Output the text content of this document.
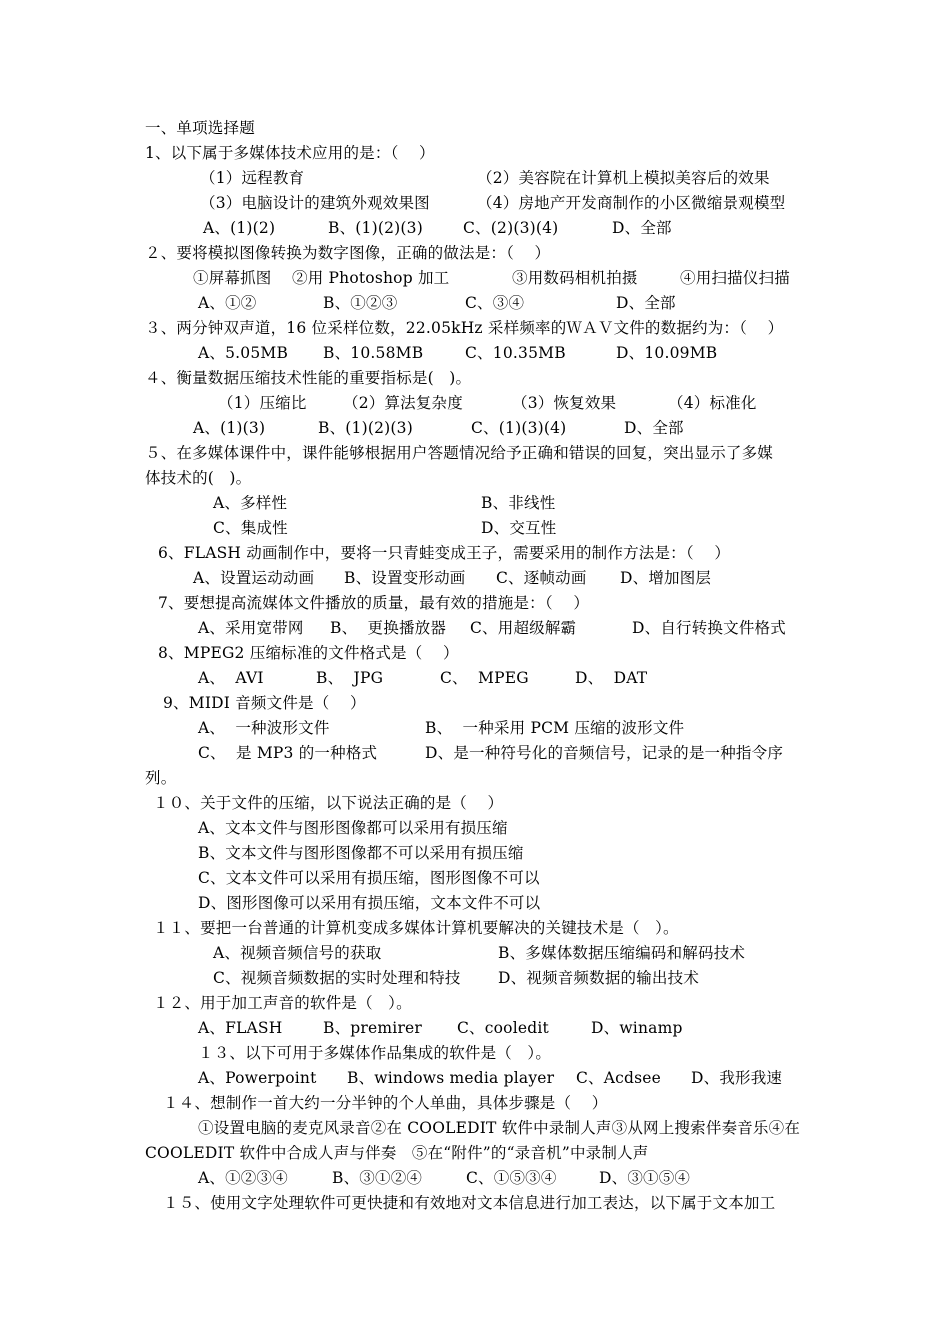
一、单项选择题
1、以下属于多媒体技术应用的是：（    ）
（1）远程教育	（2）美容院在计算机上模拟美容后的效果
（3）电脑设计的建筑外观效果图	（4）房地产开发商制作的小区微缩景观模型
A、(1)(2)	B、(1)(2)(3)	C、(2)(3)(4)	D、全部
２、要将模拟图像转换为数字图像，正确的做法是：（    ）
①屏幕抓图    ②用 Photoshop 加工	③用数码相机拍摄	④用扫描仪扫描
A、①②	B、①②③	C、③④	D、全部
３、两分钟双声道，16 位采样位数，22.05kHz 采样频率的ＷＡＶ文件的数据约为：（    ）
A、5.05MB B、10.58MB	C、10.35MB	D、10.09MB
４、衡量数据压缩技术性能的重要指标是(   )。
（1）压缩比 （2）算法复杂度	（3）恢复效果	（4）标准化
A、(1)(3)	B、(1)(2)(3)	C、(1)(3)(4)	D、全部
５、在多媒体课件中，课件能够根据用户答题情况给予正确和错误的回复，突出显示了多媒
体技术的(   )。
A、多样性	B、非线性
C、集成性	D、交互性
6、FLASH 动画制作中，要将一只青蛙变成王子，需要采用的制作方法是：（    ）
A、设置运动动画 B、设置变形动画 C、逐帧动画 D、增加图层
7、要想提高流媒体文件播放的质量，最有效的措施是：（    ）
A、采用宽带网 B、  更换播放器 C、用超级解霸	D、自行转换文件格式
8、MPEG2 压缩标准的文件格式是（    ）
A、  AVI	B、  JPG	C、  MPEG	D、  DAT
9、MIDI 音频文件是（    ）
A、  一种波形文件	B、  一种采用 PCM 压缩的波形文件
C、  是 MP3 的一种格式	D、是一种符号化的音频信号，记录的是一种指令序
列。
１０、关于文件的压缩，以下说法正确的是（    ）
A、文本文件与图形图像都可以采用有损压缩
B、文本文件与图形图像都不可以采用有损压缩
C、文本文件可以采用有损压缩，图形图像不可以
D、图形图像可以采用有损压缩，文本文件不可以
１１、要把一台普通的计算机变成多媒体计算机要解决的关键技术是（   ）。
A、视频音频信号的获取	B、多媒体数据压缩编码和解码技术
C、视频音频数据的实时处理和特技 D、视频音频数据的输出技术
１２、用于加工声音的软件是（   ）。
A、FLASH	B、premirer C、cooledit	D、winamp
１３、以下可用于多媒体作品集成的软件是（   ）。
A、Powerpoint B、windows media player C、Acdsee D、我形我速
１４、想制作一首大约一分半钟的个人单曲，具体步骤是（    ）
①设置电脑的麦克风录音②在 COOLEDIT 软件中录制人声③从网上搜索伴奏音乐④在
COOLEDIT 软件中合成人声与伴奏   ⑤在“附件”的“录音机”中录制人声
A、①②③④	B、③①②④	C、①⑤③④	D、③①⑤④
１５、使用文字处理软件可更快捷和有效地对文本信息进行加工表达，以下属于文本加工
